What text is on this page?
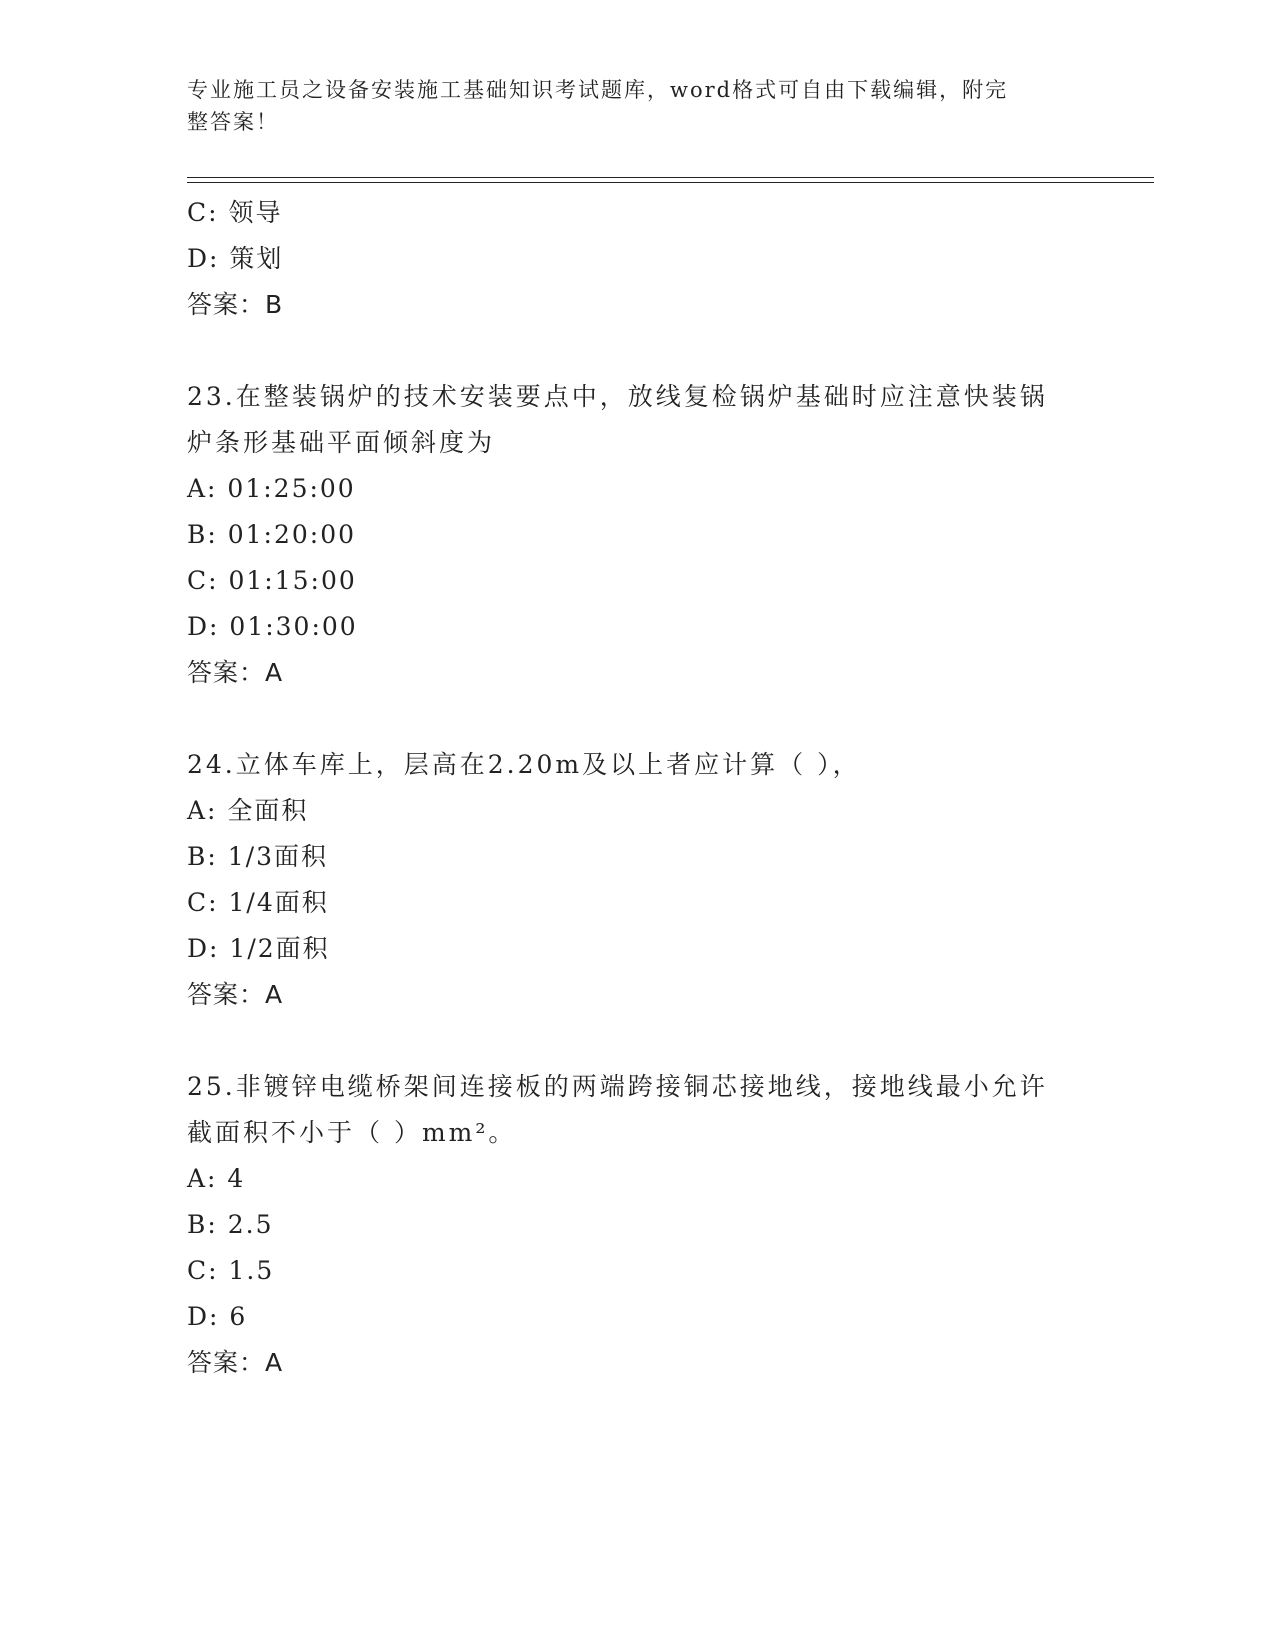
专业施工员之设备安装施工基础知识考试题库，word格式可自由下载编辑，附完
整答案！
C: 领导
D: 策划
答案：B
23.在整装锅炉的技术安装要点中，放线复检锅炉基础时应注意快装锅
炉条形基础平面倾斜度为
A: 01:25:00
B: 01:20:00
C: 01:15:00
D: 01:30:00
答案：A
24.立体车库上，层高在2.20m及以上者应计算（ ），
A: 全面积
B: 1/3面积
C: 1/4面积
D: 1/2面积
答案：A
25.非镀锌电缆桥架间连接板的两端跨接铜芯接地线，接地线最小允许
截面积不小于（ ）mm²。
A: 4
B: 2.5
C: 1.5
D: 6
答案：A
